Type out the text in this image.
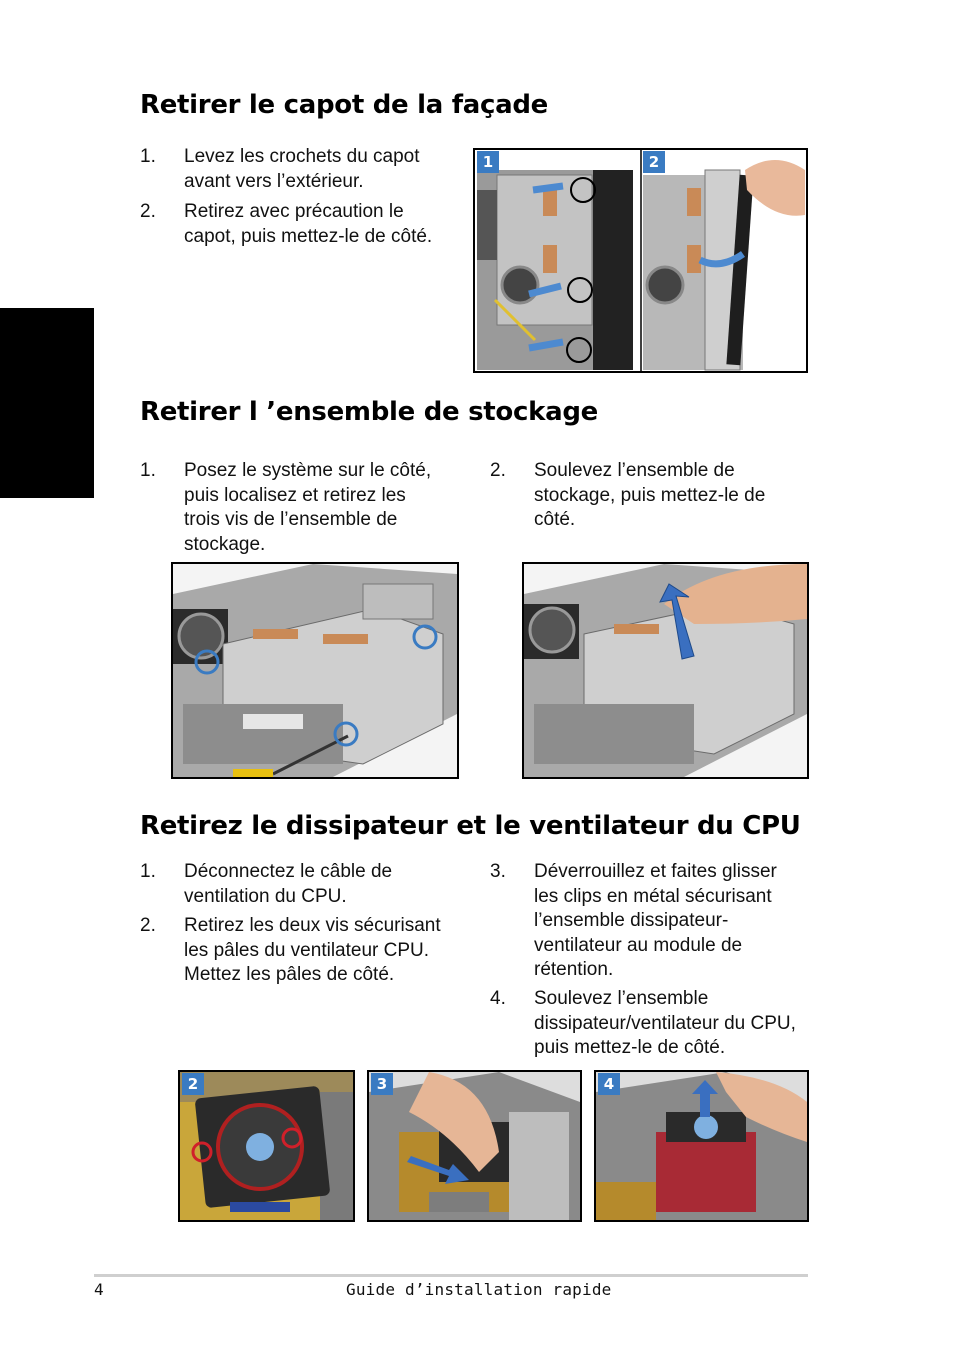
Retirer le capot de la façade
1. Levez les crochets du capot
avant vers l’extérieur.
2. Retirez avec précaution le
capot, puis mettez-le de côté.
1	2
Retirer l ’ensemble de stockage
1. Posez le système sur le côté,
puis localisez et retirez les
trois vis de l’ensemble de
stockage.
2. Soulevez l’ensemble de
stockage, puis mettez-le de
côté.
Retirez le dissipateur et le ventilateur du CPU
1. Déconnectez le câble de
ventilation du CPU.
2. Retirez les deux vis sécurisant
les pâles du ventilateur CPU.
Mettez les pâles de côté.
3. Déverrouillez et faites glisser
les clips en métal sécurisant
l’ensemble dissipateur-
ventilateur au module de
rétention.
4. Soulevez l’ensemble
dissipateur/ventilateur du CPU,
puis mettez-le de côté.
2	3	4
4	Guide d’installation rapide
